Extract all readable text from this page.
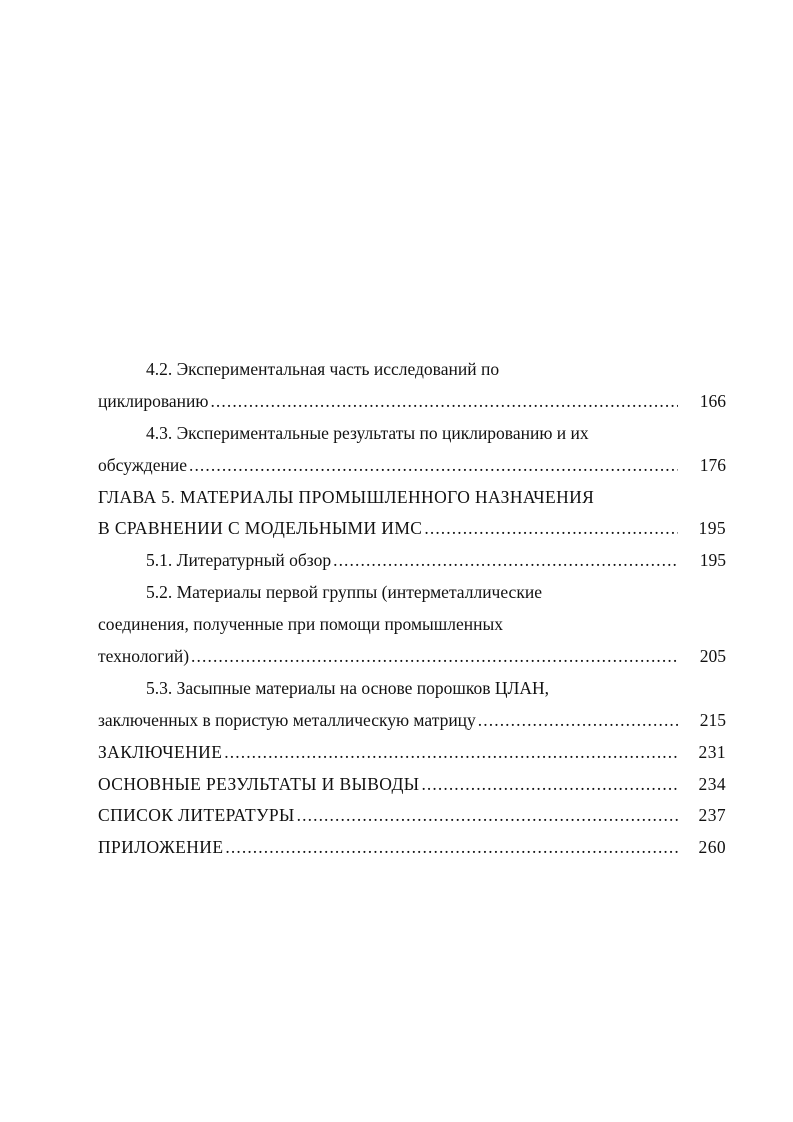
4.2. Экспериментальная часть исследований по
циклированию .....	166
4.3. Экспериментальные результаты по циклированию и их
обсуждение .....	176
ГЛАВА 5. МАТЕРИАЛЫ ПРОМЫШЛЕННОГО НАЗНАЧЕНИЯ
В СРАВНЕНИИ С МОДЕЛЬНЫМИ ИМС .....	195
5.1. Литературный обзор .....	195
5.2. Материалы первой группы (интерметаллические
соединения, полученные при помощи промышленных
технологий) .....	205
5.3. Засыпные материалы на основе порошков ЦЛАН,
заключенных в пористую металлическую матрицу .....	215
ЗАКЛЮЧЕНИЕ .....	231
ОСНОВНЫЕ РЕЗУЛЬТАТЫ И ВЫВОДЫ .....	234
СПИСОК ЛИТЕРАТУРЫ .....	237
ПРИЛОЖЕНИЕ .....	260
